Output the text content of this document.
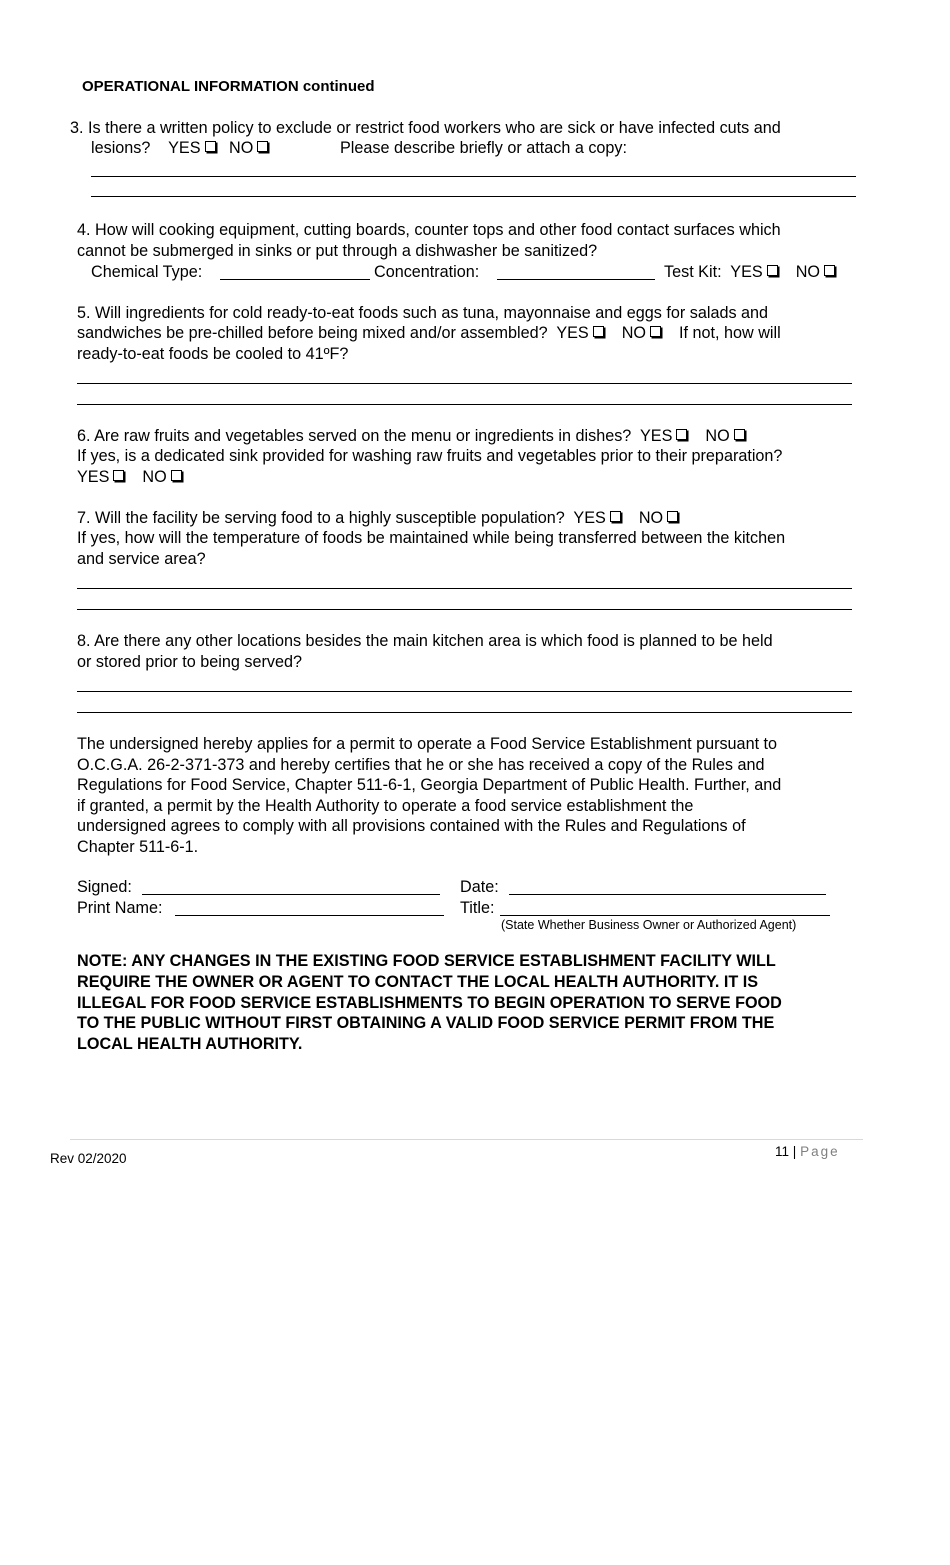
OPERATIONAL INFORMATION continued
3. Is there a written policy to exclude or restrict food workers who are sick or have infected cuts and
lesions? YES NO	Please describe briefly or attach a copy:
4. How will cooking equipment, cutting boards, counter tops and other food contact surfaces which
cannot be submerged in sinks or put through a dishwasher be sanitized?
Chemical Type:	Concentration:	Test Kit: YES NO
5. Will ingredients for cold ready-to-eat foods such as tuna, mayonnaise and eggs for salads and
sandwiches be pre-chilled before being mixed and/or assembled? YES NO If not, how will
ready-to-eat foods be cooled to 41ºF?
6. Are raw fruits and vegetables served on the menu or ingredients in dishes? YES NO
If yes, is a dedicated sink provided for washing raw fruits and vegetables prior to their preparation?
YES NO
7. Will the facility be serving food to a highly susceptible population? YES NO
If yes, how will the temperature of foods be maintained while being transferred between the kitchen
and service area?
8. Are there any other locations besides the main kitchen area is which food is planned to be held
or stored prior to being served?
The undersigned hereby applies for a permit to operate a Food Service Establishment pursuant to
O.C.G.A. 26-2-371-373 and hereby certifies that he or she has received a copy of the Rules and
Regulations for Food Service, Chapter 511-6-1, Georgia Department of Public Health. Further, and
if granted, a permit by the Health Authority to operate a food service establishment the
undersigned agrees to comply with all provisions contained with the Rules and Regulations of
Chapter 511-6-1.
Signed:	Date:
Print Name:	Title:
(State Whether Business Owner or Authorized Agent)
NOTE: ANY CHANGES IN THE EXISTING FOOD SERVICE ESTABLISHMENT FACILITY WILL
REQUIRE THE OWNER OR AGENT TO CONTACT THE LOCAL HEALTH AUTHORITY. IT IS
ILLEGAL FOR FOOD SERVICE ESTABLISHMENTS TO BEGIN OPERATION TO SERVE FOOD
TO THE PUBLIC WITHOUT FIRST OBTAINING A VALID FOOD SERVICE PERMIT FROM THE
LOCAL HEALTH AUTHORITY.
Rev 02/2020	11 | Page
